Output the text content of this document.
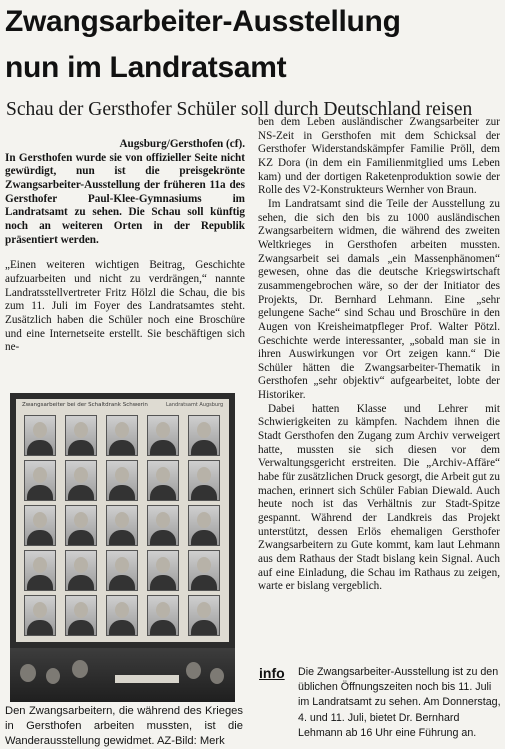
Zwangsarbeiter-Ausstellung
nun im Landratsamt
Schau der Gersthofer Schüler soll durch Deutschland reisen

Augsburg/Gersthofen (cf).
In Gersthofen wurde sie von offizieller Seite nicht gewürdigt, nun ist die preisgekrönte Zwangsarbeiter-Ausstellung der früheren 11a des Gersthofer Paul-Klee-Gymnasiums im Landratsamt zu sehen. Die Schau soll künftig noch an weiteren Orten in der Republik präsentiert werden.

„Einen weiteren wichtigen Beitrag, Geschichte aufzuarbeiten und nicht zu verdrängen,“ nannte Landratsstellvertreter Fritz Hölzl die Schau, die bis zum 11. Juli im Foyer des Landratsamtes steht. Zusätzlich haben die Schüler noch eine Broschüre und eine Internetseite erstellt. Sie beschäftigen sich ne-

Zwangsarbeiter bei der Schaltdrank Schwerin	Landratsamt Augsburg

ben dem Leben ausländischer Zwangsarbeiter zur NS-Zeit in Gersthofen mit dem Schicksal der Gersthofer Widerstandskämpfer Familie Pröll, dem KZ Dora (in dem ein Familienmitglied ums Leben kam) und der dortigen Raketenproduktion sowie der Rolle des V2-Konstrukteurs Wernher von Braun.

Im Landratsamt sind die Teile der Ausstellung zu sehen, die sich den bis zu 1000 ausländischen Zwangsarbeitern widmen, die während des zweiten Weltkrieges in Gersthofen arbeiten mussten. Zwangsarbeit sei damals „ein Massenphänomen“ gewesen, ohne das die deutsche Kriegswirtschaft zusammengebrochen wäre, so der der Initiator des Projekts, Dr. Bernhard Lehmann. Eine „sehr gelungene Sache“ sind Schau und Broschüre in den Augen von Kreisheimatpfleger Prof. Walter Pötzl. Geschichte werde interessanter, „sobald man sie in ihren Auswirkungen vor Ort zeigen kann.“ Die Schüler hätten die Zwangsarbeiter-Thematik in Gersthofen „sehr objektiv“ aufgearbeitet, lobte der Historiker.

Dabei hatten Klasse und Lehrer mit Schwierigkeiten zu kämpfen. Nachdem ihnen die Stadt Gersthofen den Zugang zum Archiv verweigert hatte, mussten sie sich diesen vor dem Verwaltungsgericht erstreiten. Die „Archiv-Affäre“ habe für zusätzlichen Druck gesorgt, die Arbeit gut zu machen, erinnert sich Schüler Fabian Diewald. Auch heute noch ist das Verhältnis zur Stadt-Spitze gespannt. Während der Landkreis das Projekt unterstützt, dessen Erlös ehemaligen Gersthofer Zwangsarbeitern zu Gute kommt, kam laut Lehmann aus dem Rathaus der Stadt bislang kein Signal. Auch auf eine Einladung, die Schau im Rathaus zu zeigen, warte er bislang vergeblich.

Den Zwangsarbeitern, die während des Krieges in Gersthofen arbeiten mussten, ist die Wanderausstellung gewidmet. AZ-Bild: Merk
info Die Zwangsarbeiter-Ausstellung ist zu den üblichen Öffnungszeiten noch bis 11. Juli im Landratsamt zu sehen. Am Donnerstag, 4. und 11. Juli, bietet Dr. Bernhard Lehmann ab 16 Uhr eine Führung an.
